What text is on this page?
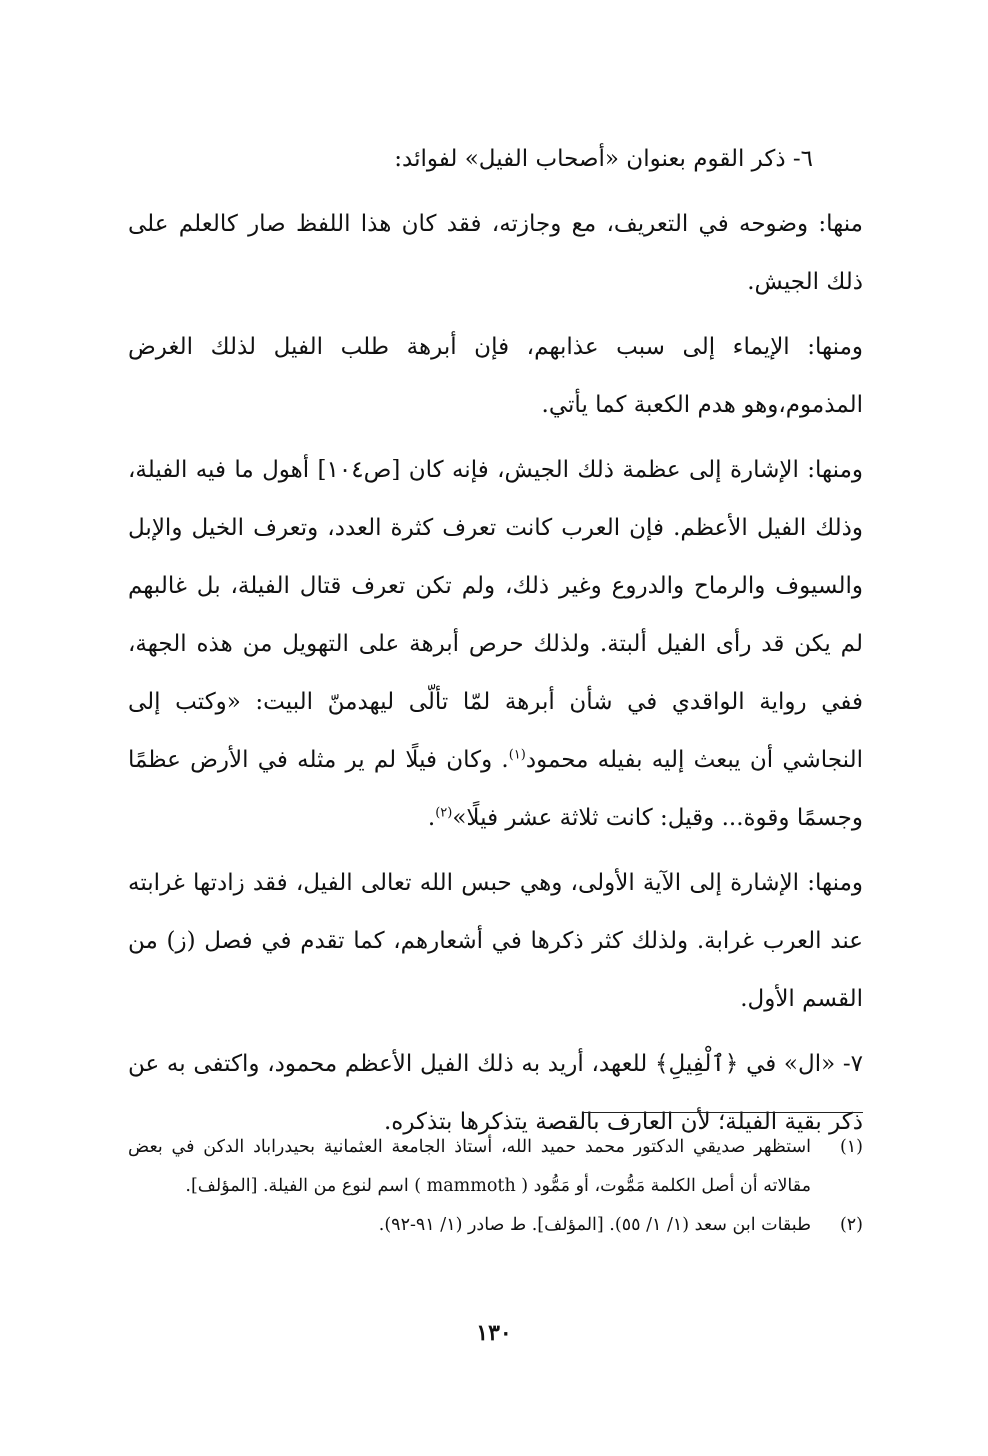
٦- ذكر القوم بعنوان «أصحاب الفيل» لفوائد:

منها: وضوحه في التعريف، مع وجازته، فقد كان هذا اللفظ صار كالعلم على ذلك الجيش.

ومنها: الإيماء إلى سبب عذابهم، فإن أبرهة طلب الفيل لذلك الغرض المذموم،وهو هدم الكعبة كما يأتي.

ومنها: الإشارة إلى عظمة ذلك الجيش، فإنه كان [ص١٠٤] أهول ما فيه الفيلة، وذلك الفيل الأعظم. فإن العرب كانت تعرف كثرة العدد، وتعرف الخيل والإبل والسيوف والرماح والدروع وغير ذلك، ولم تكن تعرف قتال الفيلة، بل غالبهم لم يكن قد رأى الفيل ألبتة. ولذلك حرص أبرهة على التهويل من هذه الجهة، ففي رواية الواقدي في شأن أبرهة لمّا تألّى ليهدمنّ البيت: «وكتب إلى النجاشي أن يبعث إليه بفيله محمود$^{(١)}$. وكان فيلًا لم ير مثله في الأرض عظمًا وجسمًا وقوة... وقيل: كانت ثلاثة عشر فيلًا»$^{(٢)}$.

ومنها: الإشارة إلى الآية الأولى، وهي حبس الله تعالى الفيل، فقد زادتها غرابته عند العرب غرابة. ولذلك كثر ذكرها في أشعارهم، كما تقدم في فصل (ز) من القسم الأول.

٧- «ال» في ﴿ٱلْفِيلِ﴾ للعهد، أريد به ذلك الفيل الأعظم محمود، واكتفى به عن ذكر بقية الفيلة؛ لأن العارف بالقصة يتذكرها بتذكره.

(١)
استظهر صديقي الدكتور محمد حميد الله، أستاذ الجامعة العثمانية بحيدراباد الدكن في بعض مقالاته أن أصل الكلمة مَمُّوت، أو مَمُّود ( mammoth ) اسم لنوع من الفيلة. [المؤلف].
(٢)
طبقات ابن سعد (١/ ١/ ٥٥). [المؤلف]. ط صادر (١/ ٩١-٩٢).
١٣٠
